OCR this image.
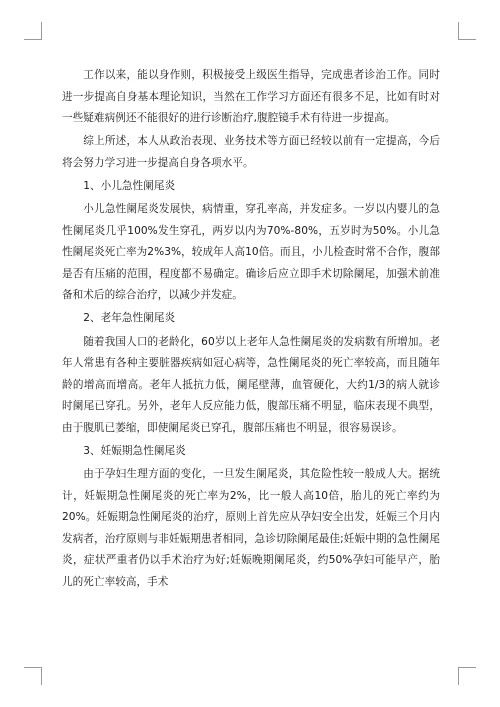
工作以来，能以身作则，积极接受上级医生指导，完成患者诊治工作。同时进一步提高自身基本理论知识，当然在工作学习方面还有很多不足，比如有时对一些疑难病例还不能很好的进行诊断治疗,腹腔镜手术有待进一步提高。

综上所述，本人从政治表现、业务技术等方面已经较以前有一定提高，今后将会努力学习进一步提高自身各项水平。

1、小儿急性阑尾炎

小儿急性阑尾炎发展快，病情重，穿孔率高，并发症多。一岁以内婴儿的急性阑尾炎几乎100%发生穿孔，两岁以内为70%-80%，五岁时为50%。小儿急性阑尾炎死亡率为2%3%，较成年人高10倍。而且，小儿检查时常不合作，腹部是否有压痛的范围，程度都不易确定。确诊后应立即手术切除阑尾，加强术前准备和术后的综合治疗，以减少并发症。

2、老年急性阑尾炎

随着我国人口的老龄化，60岁以上老年人急性阑尾炎的发病数有所增加。老年人常患有各种主要脏器疾病如冠心病等，急性阑尾炎的死亡率较高，而且随年龄的增高而增高。老年人抵抗力低，阑尾壁薄，血管硬化，大约1/3的病人就诊时阑尾已穿孔。另外，老年人反应能力低，腹部压痛不明显，临床表现不典型，由于腹肌已萎缩，即使阑尾炎已穿孔，腹部压痛也不明显，很容易误诊。

3、妊娠期急性阑尾炎

由于孕妇生理方面的变化，一旦发生阑尾炎，其危险性较一般成人大。据统计，妊娠期急性阑尾炎的死亡率为2%，比一般人高10倍，胎儿的死亡率约为20%。妊娠期急性阑尾炎的治疗，原则上首先应从孕妇安全出发，妊娠三个月内发病者，治疗原则与非妊娠期患者相同，急诊切除阑尾最佳;妊娠中期的急性阑尾炎，症状严重者仍以手术治疗为好;妊娠晚期阑尾炎，约50%孕妇可能早产，胎儿的死亡率较高，手术
